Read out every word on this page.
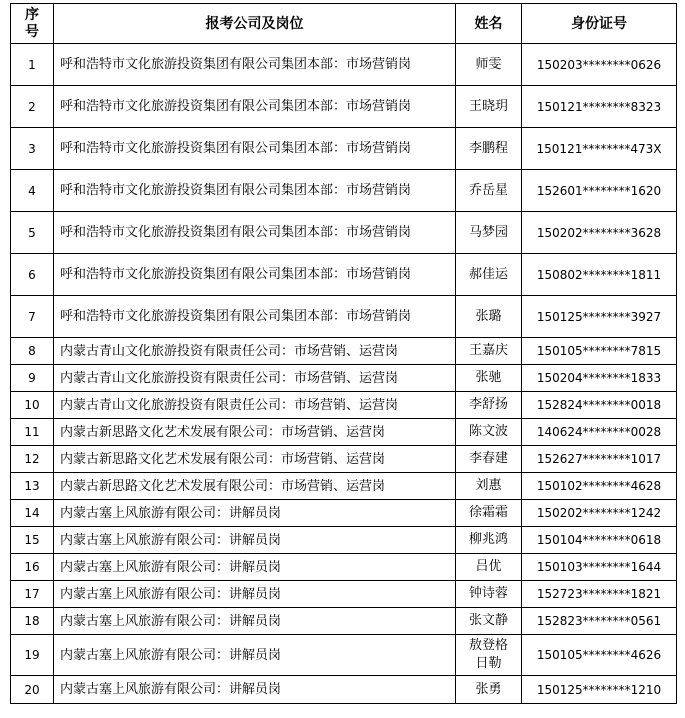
序号	报考公司及岗位	姓名	身份证号
1	呼和浩特市文化旅游投资集团有限公司集团本部：市场营销岗	师雯	150203********0626
2	呼和浩特市文化旅游投资集团有限公司集团本部：市场营销岗	王晓玥	150121********8323
3	呼和浩特市文化旅游投资集团有限公司集团本部：市场营销岗	李鹏程	150121********473X
4	呼和浩特市文化旅游投资集团有限公司集团本部：市场营销岗	乔岳星	152601********1620
5	呼和浩特市文化旅游投资集团有限公司集团本部：市场营销岗	马梦园	150202********3628
6	呼和浩特市文化旅游投资集团有限公司集团本部：市场营销岗	郝佳运	150802********1811
7	呼和浩特市文化旅游投资集团有限公司集团本部：市场营销岗	张璐	150125********3927
8	内蒙古青山文化旅游投资有限责任公司：市场营销、运营岗	王嘉庆	150105********7815
9	内蒙古青山文化旅游投资有限责任公司：市场营销、运营岗	张驰	150204********1833
10	内蒙古青山文化旅游投资有限责任公司：市场营销、运营岗	李舒扬	152824********0018
11	内蒙古新思路文化艺术发展有限公司：市场营销、运营岗	陈文波	140624********0028
12	内蒙古新思路文化艺术发展有限公司：市场营销、运营岗	李春建	152627********1017
13	内蒙古新思路文化艺术发展有限公司：市场营销、运营岗	刘惠	150102********4628
14	内蒙古塞上风旅游有限公司：讲解员岗	徐霜霜	150202********1242
15	内蒙古塞上风旅游有限公司：讲解员岗	柳兆鸿	150104********0618
16	内蒙古塞上风旅游有限公司：讲解员岗	吕优	150103********1644
17	内蒙古塞上风旅游有限公司：讲解员岗	钟诗蓉	152723********1821
18	内蒙古塞上风旅游有限公司：讲解员岗	张文静	152823********0561
19	内蒙古塞上风旅游有限公司：讲解员岗	敖登格日勒	150105********4626
20	内蒙古塞上风旅游有限公司：讲解员岗	张勇	150125********1210
